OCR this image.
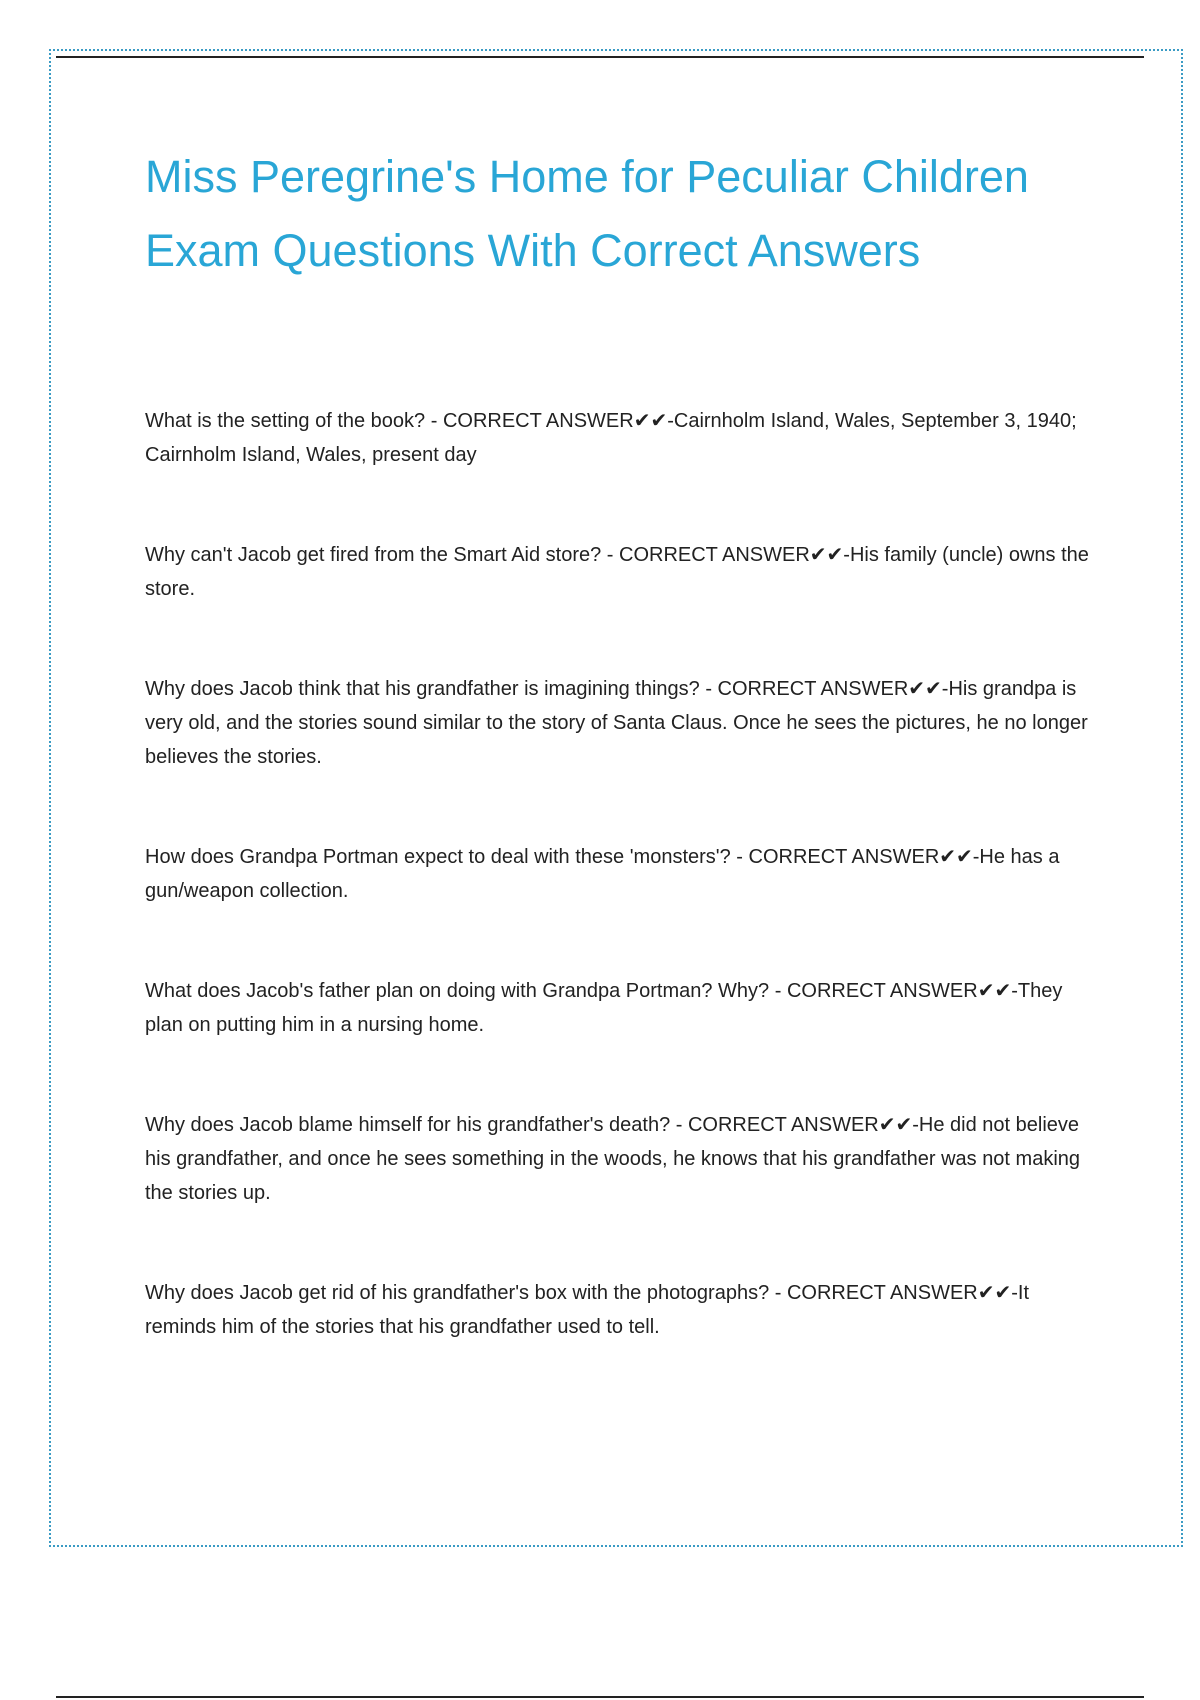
Miss Peregrine's Home for Peculiar Children
Exam Questions With Correct Answers

What is the setting of the book? - CORRECT ANSWER✔✔-Cairnholm Island, Wales, September 3, 1940; Cairnholm Island, Wales, present day

Why can't Jacob get fired from the Smart Aid store? - CORRECT ANSWER✔✔-His family (uncle) owns the store.

Why does Jacob think that his grandfather is imagining things? - CORRECT ANSWER✔✔-His grandpa is very old, and the stories sound similar to the story of Santa Claus. Once he sees the pictures, he no longer believes the stories.

How does Grandpa Portman expect to deal with these 'monsters'? - CORRECT ANSWER✔✔-He has a gun/weapon collection.

What does Jacob's father plan on doing with Grandpa Portman? Why? - CORRECT ANSWER✔✔-They plan on putting him in a nursing home.

Why does Jacob blame himself for his grandfather's death? - CORRECT ANSWER✔✔-He did not believe his grandfather, and once he sees something in the woods, he knows that his grandfather was not making the stories up.

Why does Jacob get rid of his grandfather's box with the photographs? - CORRECT ANSWER✔✔-It reminds him of the stories that his grandfather used to tell.
